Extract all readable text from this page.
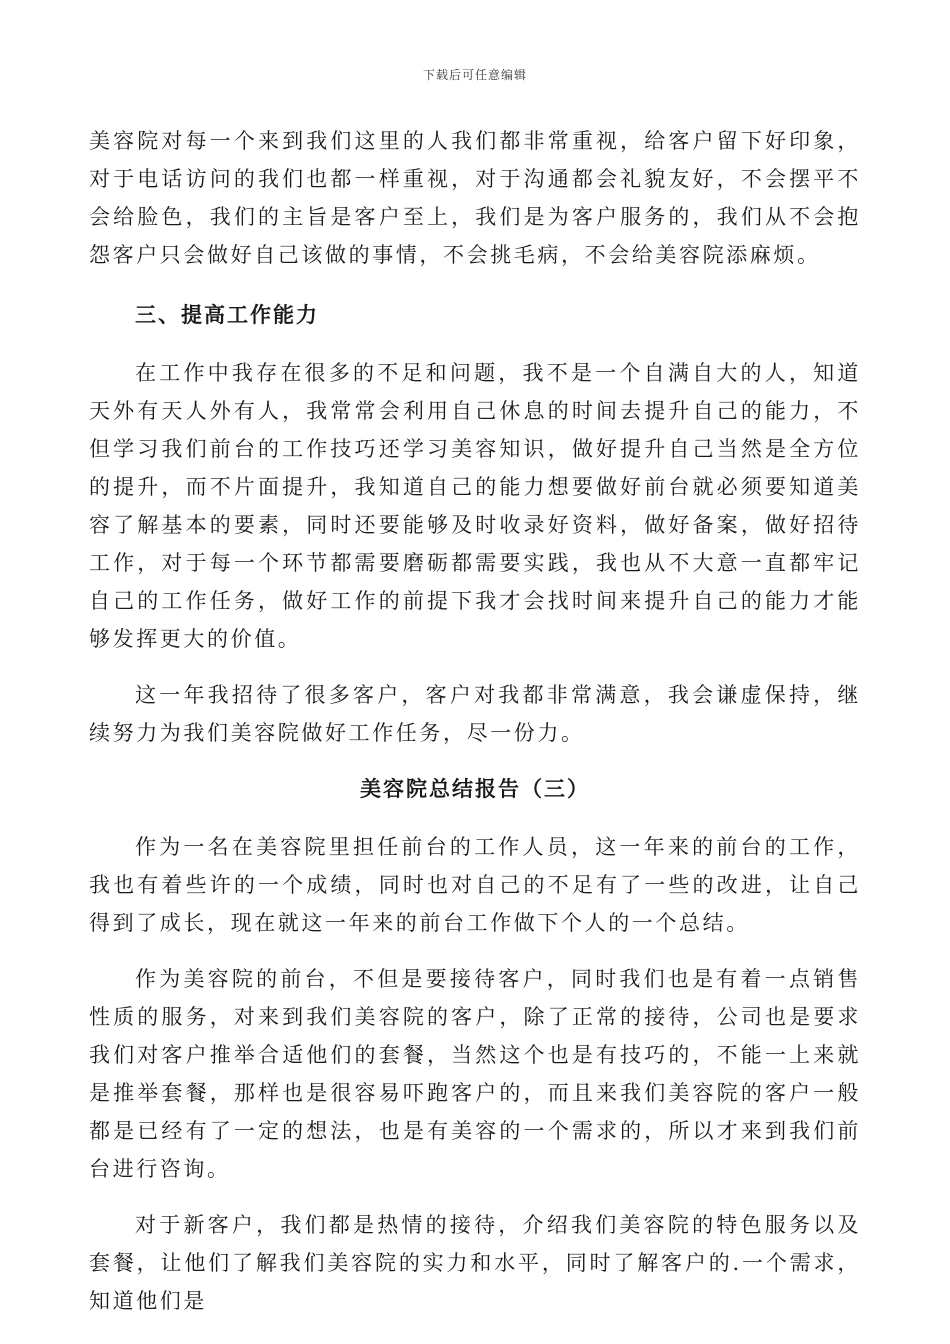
下载后可任意编辑

美容院对每一个来到我们这里的人我们都非常重视，给客户留下好印象，对于电话访问的我们也都一样重视，对于沟通都会礼貌友好，不会摆平不会给脸色，我们的主旨是客户至上，我们是为客户服务的，我们从不会抱怨客户只会做好自己该做的事情，不会挑毛病，不会给美容院添麻烦。

三、提高工作能力

在工作中我存在很多的不足和问题，我不是一个自满自大的人，知道天外有天人外有人，我常常会利用自己休息的时间去提升自己的能力，不但学习我们前台的工作技巧还学习美容知识，做好提升自己当然是全方位的提升，而不片面提升，我知道自己的能力想要做好前台就必须要知道美容了解基本的要素，同时还要能够及时收录好资料，做好备案，做好招待工作，对于每一个环节都需要磨砺都需要实践，我也从不大意一直都牢记自己的工作任务，做好工作的前提下我才会找时间来提升自己的能力才能够发挥更大的价值。

这一年我招待了很多客户，客户对我都非常满意，我会谦虚保持，继续努力为我们美容院做好工作任务，尽一份力。

美容院总结报告（三）

作为一名在美容院里担任前台的工作人员，这一年来的前台的工作，我也有着些许的一个成绩，同时也对自己的不足有了一些的改进，让自己得到了成长，现在就这一年来的前台工作做下个人的一个总结。

作为美容院的前台，不但是要接待客户，同时我们也是有着一点销售性质的服务，对来到我们美容院的客户，除了正常的接待，公司也是要求我们对客户推举合适他们的套餐，当然这个也是有技巧的，不能一上来就是推举套餐，那样也是很容易吓跑客户的，而且来我们美容院的客户一般都是已经有了一定的想法，也是有美容的一个需求的，所以才来到我们前台进行咨询。

对于新客户，我们都是热情的接待，介绍我们美容院的特色服务以及套餐，让他们了解我们美容院的实力和水平，同时了解客户的.一个需求，知道他们是
